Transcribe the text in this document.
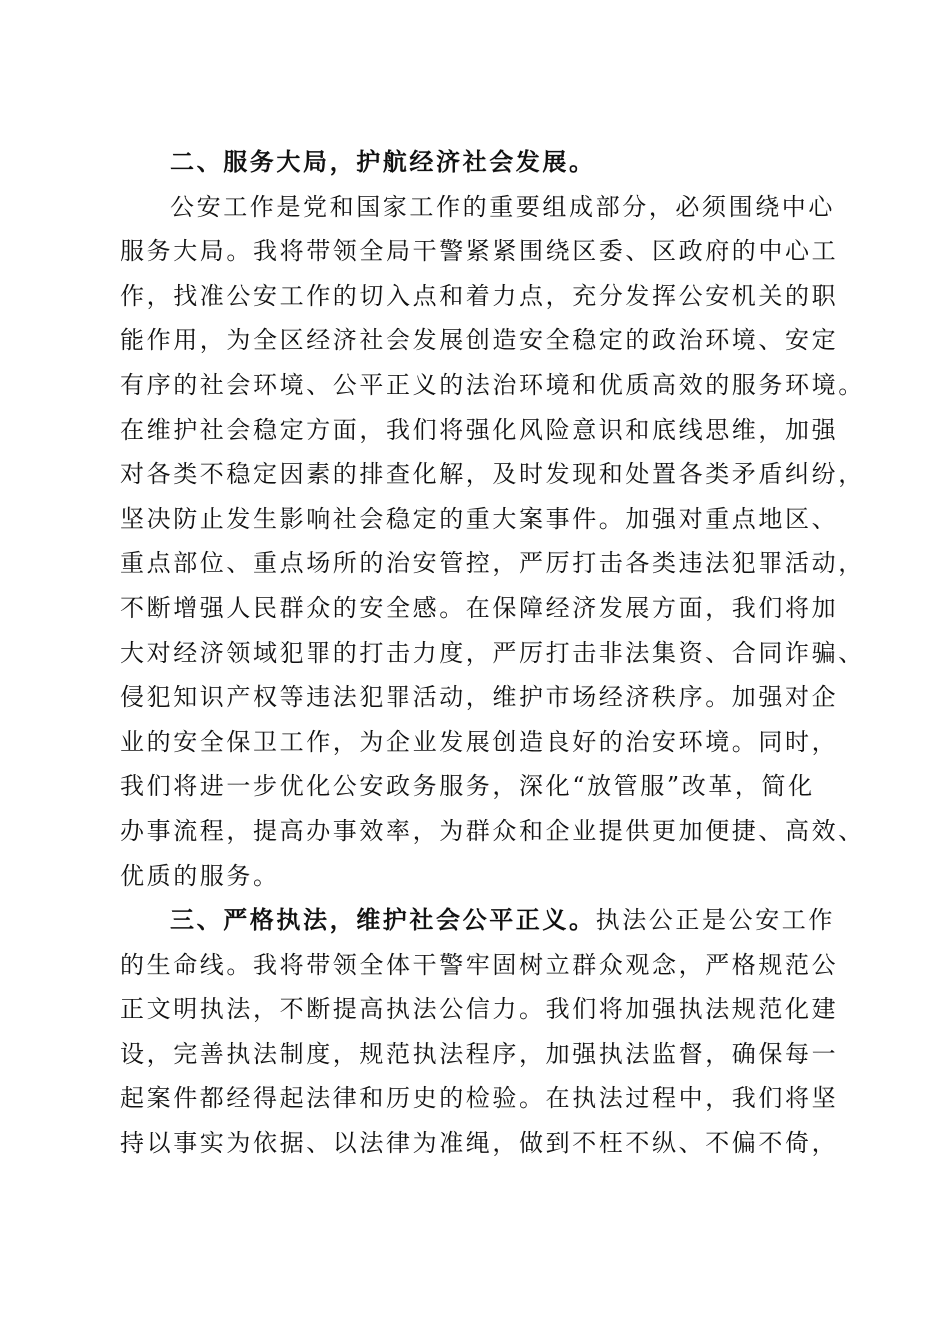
二、服务大局，护航经济社会发展。
公安工作是党和国家工作的重要组成部分，必须围绕中心
服务大局。我将带领全局干警紧紧围绕区委、区政府的中心工
作，找准公安工作的切入点和着力点，充分发挥公安机关的职
能作用，为全区经济社会发展创造安全稳定的政治环境、安定
有序的社会环境、公平正义的法治环境和优质高效的服务环境。
在维护社会稳定方面，我们将强化风险意识和底线思维，加强
对各类不稳定因素的排查化解，及时发现和处置各类矛盾纠纷，
坚决防止发生影响社会稳定的重大案事件。加强对重点地区、
重点部位、重点场所的治安管控，严厉打击各类违法犯罪活动，
不断增强人民群众的安全感。在保障经济发展方面，我们将加
大对经济领域犯罪的打击力度，严厉打击非法集资、合同诈骗、
侵犯知识产权等违法犯罪活动，维护市场经济秩序。加强对企
业的安全保卫工作，为企业发展创造良好的治安环境。同时，
我们将进一步优化公安政务服务，深化“放管服”改革，简化
办事流程，提高办事效率，为群众和企业提供更加便捷、高效、
优质的服务。
三、严格执法，维护社会公平正义。执法公正是公安工作
的生命线。我将带领全体干警牢固树立群众观念，严格规范公
正文明执法，不断提高执法公信力。我们将加强执法规范化建
设，完善执法制度，规范执法程序，加强执法监督，确保每一
起案件都经得起法律和历史的检验。在执法过程中，我们将坚
持以事实为依据、以法律为准绳，做到不枉不纵、不偏不倚，
